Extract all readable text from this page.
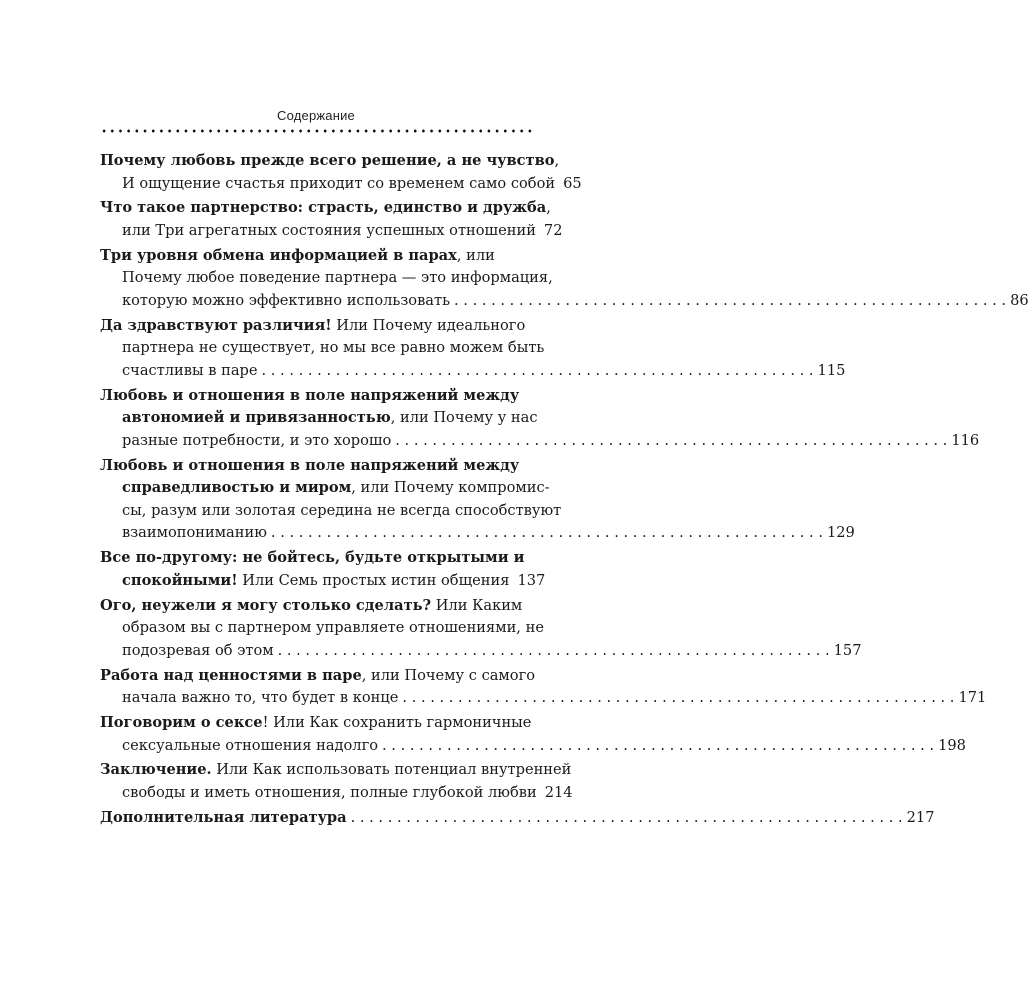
Содержание
Почему любовь прежде всего решение, а не чувство,
И ощущение счастья приходит со временем само собой 65
Что такое партнерство: страсть, единство и дружба,
или Три агрегатных состояния успешных отношений 72
Три уровня обмена информацией в парах, или
Почему любое поведение партнера — это информация,
которую можно эффективно использовать . . .	86
Да здравствуют различия! Или Почему идеального
партнера не существует, но мы все равно можем быть
счастливы в паре . . .	115
Любовь и отношения в поле напряжений между
автономией и привязанностью, или Почему у нас
разные потребности, и это хорошо . . .	116
Любовь и отношения в поле напряжений между
справедливостью и миром, или Почему компромис-
сы, разум или золотая середина не всегда способствуют
взаимопониманию . . .	129
Все по-другому: не бойтесь, будьте открытыми и
спокойными! Или Семь простых истин общения 137
Ого, неужели я могу столько сделать? Или Каким
образом вы с партнером управляете отношениями, не
подозревая об этом . . .	157
Работа над ценностями в паре, или Почему с самого
начала важно то, что будет в конце . . .	171
Поговорим о сексе! Или Как сохранить гармоничные
сексуальные отношения надолго . . .	198
Заключение. Или Как использовать потенциал внутренней
свободы и иметь отношения, полные глубокой любви 214
Дополнительная литература . . .	217
